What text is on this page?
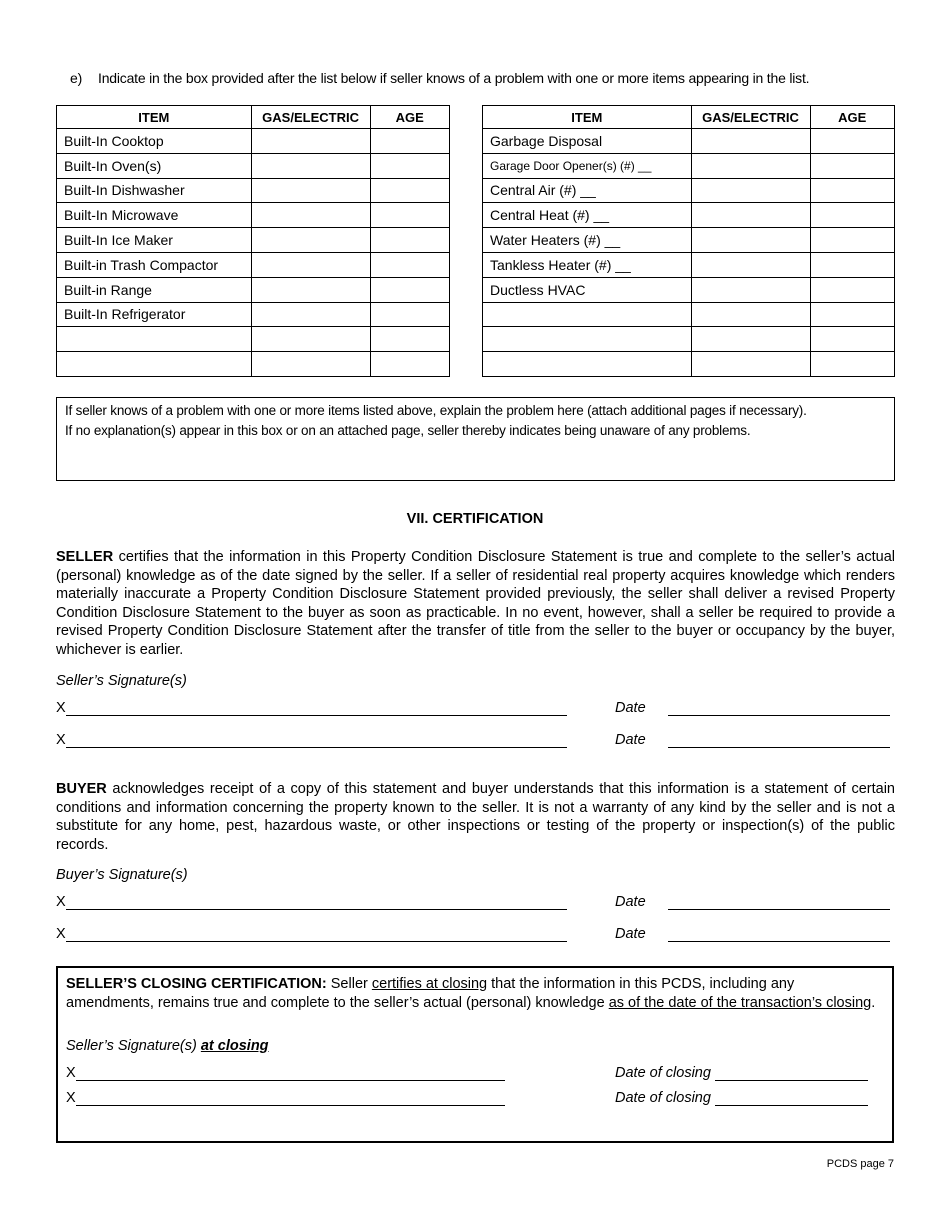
e) Indicate in the box provided after the list below if seller knows of a problem with one or more items appearing in the list.
ITEM	GAS/ELECTRIC	AGE
Built-In Cooktop		
Built-In Oven(s)		
Built-In Dishwasher		
Built-In Microwave		
Built-In Ice Maker		
Built-in Trash Compactor		
Built-in Range		
Built-In Refrigerator		

ITEM	GAS/ELECTRIC	AGE
Garbage Disposal		
Garage Door Opener(s) (#) __		
Central Air (#) __		
Central Heat (#) __		
Water Heaters (#) __		
Tankless Heater (#) __		
Ductless HVAC		

If seller knows of a problem with one or more items listed above, explain the problem here (attach additional pages if necessary).
If no explanation(s) appear in this box or on an attached page, seller thereby indicates being unaware of any problems.
VII. CERTIFICATION
SELLER certifies that the information in this Property Condition Disclosure Statement is true and complete to the seller’s actual (personal) knowledge as of the date signed by the seller. If a seller of residential real property acquires knowledge which renders materially inaccurate a Property Condition Disclosure Statement provided previously, the seller shall deliver a revised Property Condition Disclosure Statement to the buyer as soon as practicable. In no event, however, shall a seller be required to provide a revised Property Condition Disclosure Statement after the transfer of title from the seller to the buyer or occupancy by the buyer, whichever is earlier.
Seller’s Signature(s)
X	Date
X	Date
BUYER acknowledges receipt of a copy of this statement and buyer understands that this information is a statement of certain conditions and information concerning the property known to the seller. It is not a warranty of any kind by the seller and is not a substitute for any home, pest, hazardous waste, or other inspections or testing of the property or inspection(s) of the public records.
Buyer’s Signature(s)
X	Date
X	Date
SELLER’S CLOSING CERTIFICATION: Seller certifies at closing that the information in this PCDS, including any amendments, remains true and complete to the seller’s actual (personal) knowledge as of the date of the transaction’s closing.
Seller’s Signature(s) at closing
X	Date of closing
X	Date of closing
PCDS page 7
